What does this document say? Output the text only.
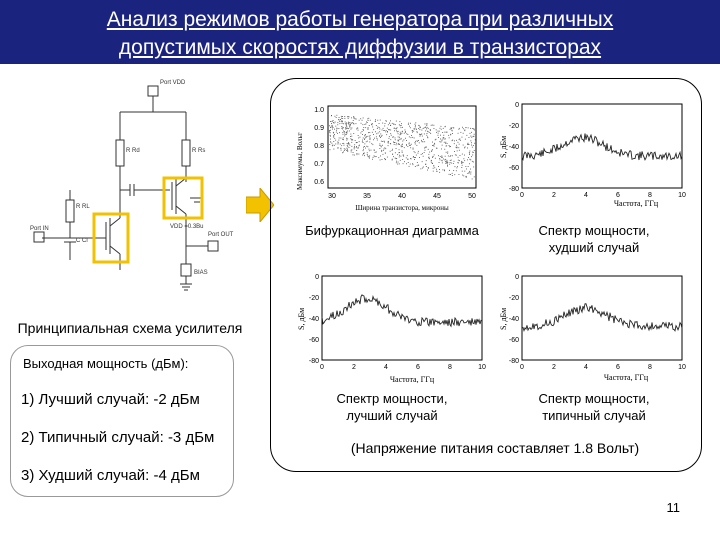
Анализ режимов работы генератора при различных
допустимых скоростях диффузии в транзисторах
Port VDD
R Rd	R Rs
R RL
C Cl
Port IN
Port OUT
BIAS
VDD =0.3Bu
Принципиальная схема усилителя
Максимумы, Вольт
Ширина транзистора, микроны
30	35	40	45	50
1.0
0.9
0.8
0.7
0.6
Бифуркационная диаграмма
S, дБм
Частота, ГГц
0	2	4	6	8	10
0
-20
-40
-60
-80
Спектр мощности,
худший случай
S, дБм
Частота, ГГц
0	2	4	6	8	10
0
-20
-40
-60
-80
Спектр мощности,
лучший случай
S, дБм
Частота, ГГц
0	2	4	6	8	10
0
-20
-40
-60
-80
Спектр мощности,
типичный случай
(Напряжение питания составляет 1.8 Вольт)
Выходная мощность (дБм):
1) Лучший случай: -2 дБм
2) Типичный случай: -3 дБм
3) Худший случай: -4 дБм
11
